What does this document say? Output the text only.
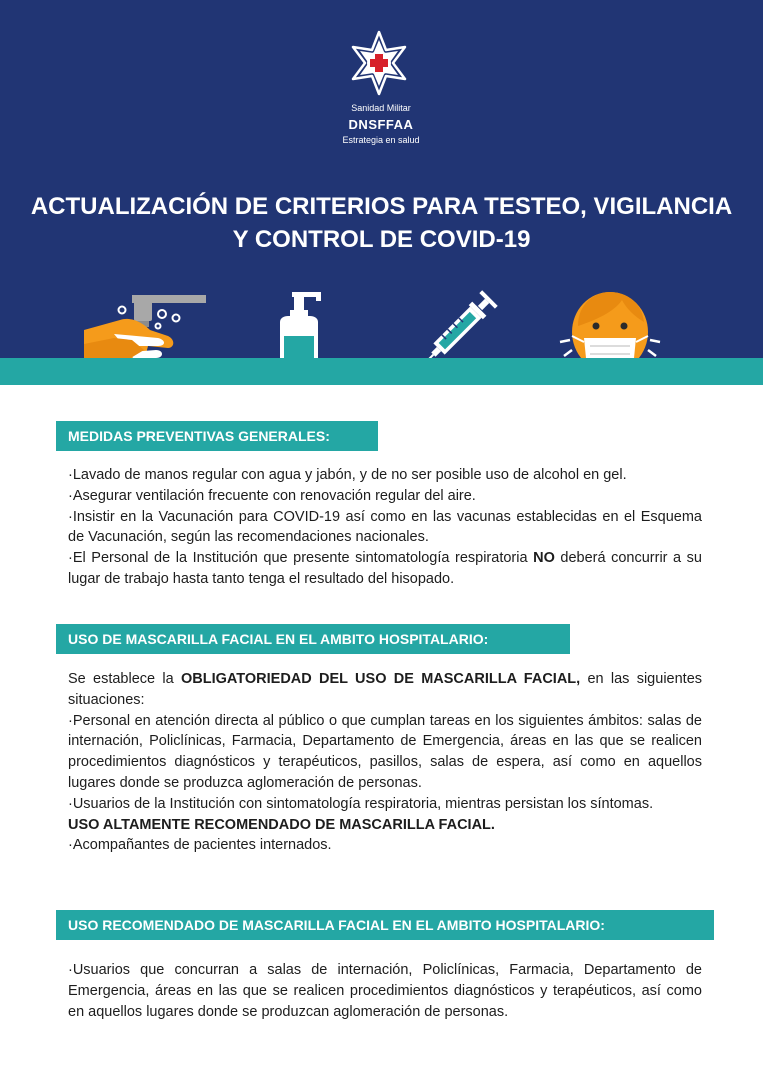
Sanidad Militar
DNSFFAA
Estrategia en salud
ACTUALIZACIÓN DE CRITERIOS PARA TESTEO, VIGILANCIA Y CONTROL DE COVID-19
MEDIDAS PREVENTIVAS GENERALES:

·Lavado de manos regular con agua y jabón, y de no ser posible uso de alcohol en gel.

·Asegurar ventilación frecuente con renovación regular del aire.

·Insistir en la Vacunación para COVID-19 así como en las vacunas establecidas en el Esquema de Vacunación, según las recomendaciones nacionales.

·El Personal de la Institución que presente sintomatología respiratoria NO deberá concurrir a su lugar de trabajo hasta tanto tenga el resultado del hisopado.

USO DE MASCARILLA FACIAL EN EL AMBITO HOSPITALARIO:

Se establece la OBLIGATORIEDAD DEL USO DE MASCARILLA FACIAL, en las siguientes situaciones:

·Personal en atención directa al público o que cumplan tareas en los siguientes ámbitos: salas de internación, Policlínicas, Farmacia, Departamento de Emergencia, áreas en las que se realicen procedimientos diagnósticos y terapéuticos, pasillos, salas de espera, así como en aquellos lugares donde se produzca aglomeración de personas.

·Usuarios de la Institución con sintomatología respiratoria, mientras persistan los síntomas.

USO ALTAMENTE RECOMENDADO DE MASCARILLA FACIAL.

·Acompañantes de pacientes internados.

USO RECOMENDADO DE MASCARILLA FACIAL EN EL AMBITO HOSPITALARIO:

·Usuarios que concurran a salas de internación, Policlínicas, Farmacia, Departamento de Emergencia, áreas en las que se realicen procedimientos diagnósticos y terapéuticos, así como en aquellos lugares donde se produzcan aglomeración de personas.
